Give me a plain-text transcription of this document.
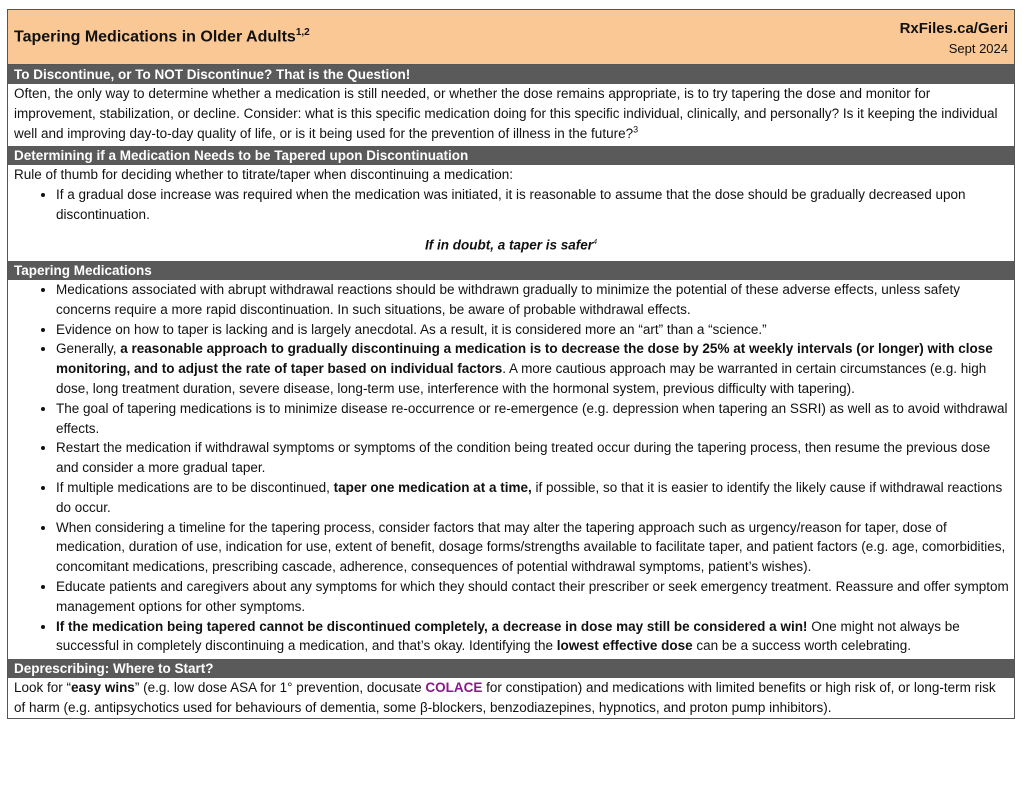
Tapering Medications in Older Adults$^{1,2}$	RxFiles.ca/Geri
Sept 2024
To Discontinue, or To NOT Discontinue? That is the Question!

Often, the only way to determine whether a medication is still needed, or whether the dose remains appropriate, is to try tapering the dose and monitor for improvement, stabilization, or decline. Consider: what is this specific medication doing for this specific individual, clinically, and personally? Is it keeping the individual well and improving day-to-day quality of life, or is it being used for the prevention of illness in the future?$^3$

Determining if a Medication Needs to be Tapered upon Discontinuation

Rule of thumb for deciding whether to titrate/taper when discontinuing a medication:

• If a gradual dose increase was required when the medication was initiated, it is reasonable to assume that the dose should be gradually decreased upon discontinuation.
If in doubt, a taper is safer$^4$
Tapering Medications
• Medications associated with abrupt withdrawal reactions should be withdrawn gradually to minimize the potential of these adverse effects, unless safety concerns require a more rapid discontinuation. In such situations, be aware of probable withdrawal effects.
• Evidence on how to taper is lacking and is largely anecdotal. As a result, it is considered more an “art” than a “science.”
• Generally, a reasonable approach to gradually discontinuing a medication is to decrease the dose by 25% at weekly intervals (or longer) with close monitoring, and to adjust the rate of taper based on individual factors. A more cautious approach may be warranted in certain circumstances (e.g. high dose, long treatment duration, severe disease, long-term use, interference with the hormonal system, previous difficulty with tapering).
• The goal of tapering medications is to minimize disease re-occurrence or re-emergence (e.g. depression when tapering an SSRI) as well as to avoid withdrawal effects.
• Restart the medication if withdrawal symptoms or symptoms of the condition being treated occur during the tapering process, then resume the previous dose and consider a more gradual taper.
• If multiple medications are to be discontinued, taper one medication at a time, if possible, so that it is easier to identify the likely cause if withdrawal reactions do occur.
• When considering a timeline for the tapering process, consider factors that may alter the tapering approach such as urgency/reason for taper, dose of medication, duration of use, indication for use, extent of benefit, dosage forms/strengths available to facilitate taper, and patient factors (e.g. age, comorbidities, concomitant medications, prescribing cascade, adherence, consequences of potential withdrawal symptoms, patient’s wishes).
• Educate patients and caregivers about any symptoms for which they should contact their prescriber or seek emergency treatment. Reassure and offer symptom management options for other symptoms.
• If the medication being tapered cannot be discontinued completely, a decrease in dose may still be considered a win! One might not always be successful in completely discontinuing a medication, and that’s okay. Identifying the lowest effective dose can be a success worth celebrating.
Deprescribing: Where to Start?

Look for “easy wins” (e.g. low dose ASA for 1° prevention, docusate COLACE for constipation) and medications with limited benefits or high risk of, or long-term risk of harm (e.g. antipsychotics used for behaviours of dementia, some β-blockers, benzodiazepines, hypnotics, and proton pump inhibitors).
